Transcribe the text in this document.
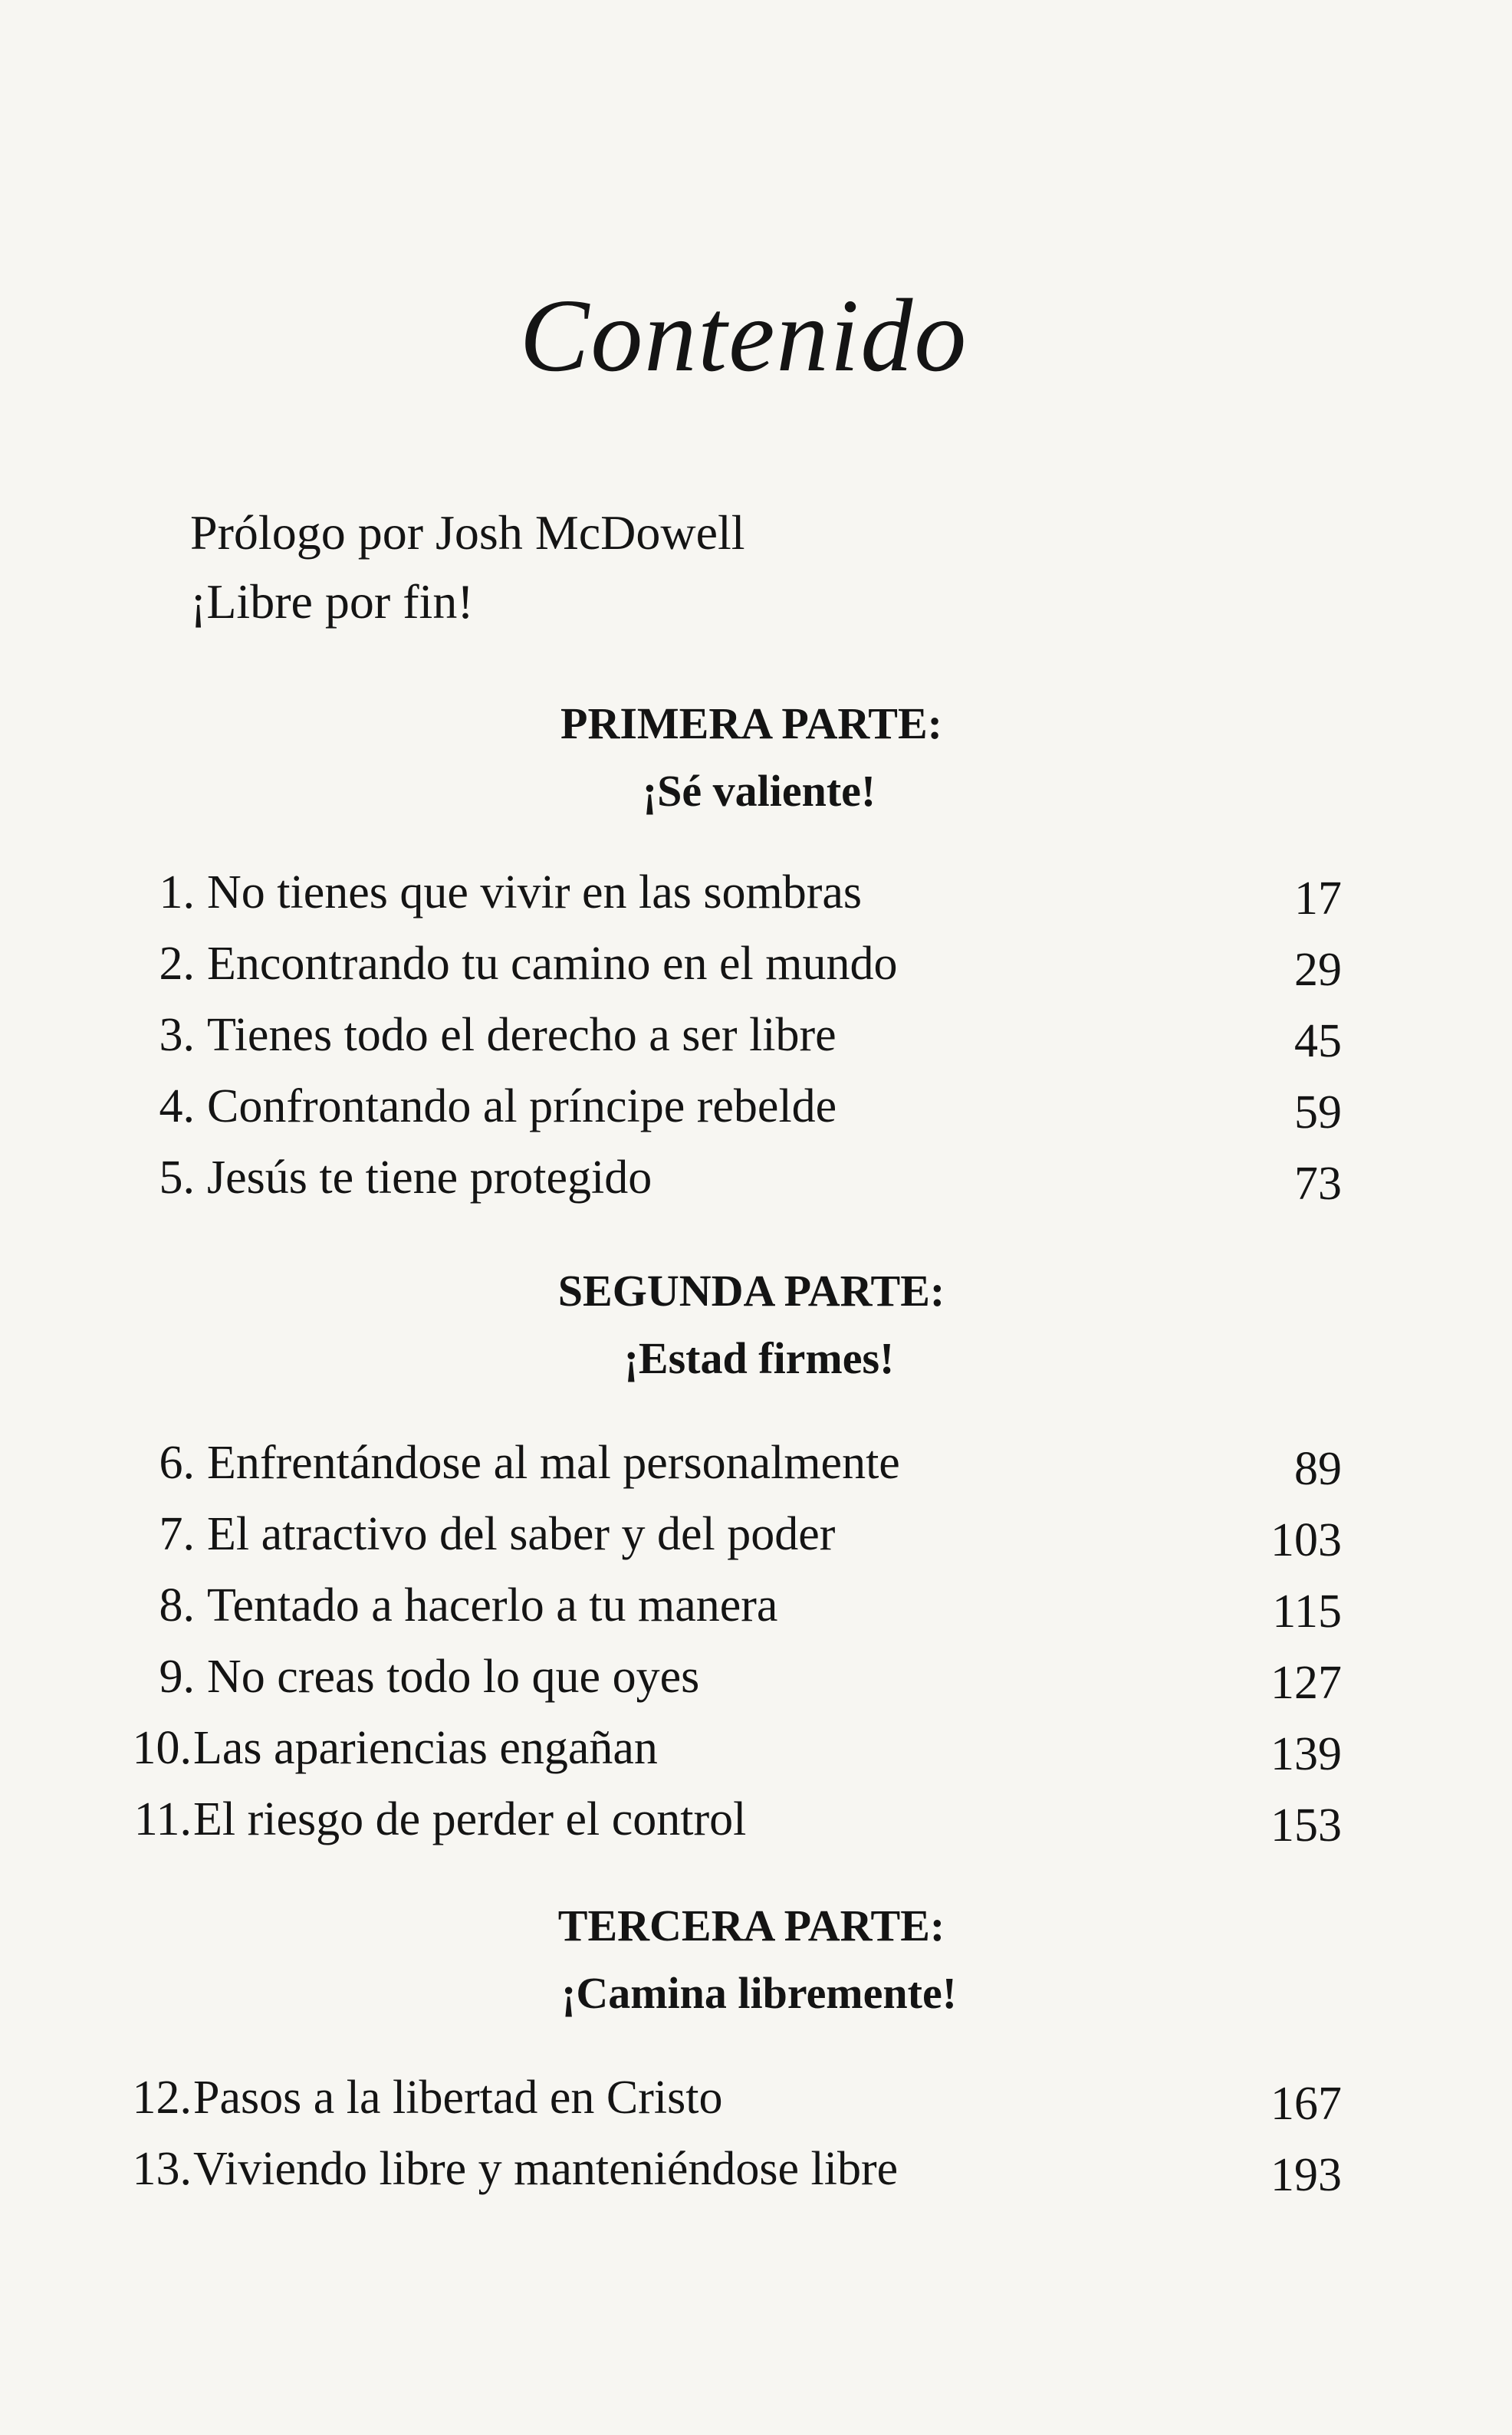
Contenido
Prólogo por Josh McDowell
¡Libre por fin!
PRIMERA PARTE:
¡Sé valiente!
1. No tienes que vivir en las sombras	17
2. Encontrando tu camino en el mundo	29
3. Tienes todo el derecho a ser libre	45
4. Confrontando al príncipe rebelde	59
5. Jesús te tiene protegido	73
SEGUNDA PARTE:
¡Estad firmes!
6. Enfrentándose al mal personalmente	89
7. El atractivo del saber y del poder	103
8. Tentado a hacerlo a tu manera	115
9. No creas todo lo que oyes	127
10. Las apariencias engañan	139
11. El riesgo de perder el control	153
TERCERA PARTE:
¡Camina libremente!
12. Pasos a la libertad en Cristo	167
13. Viviendo libre y manteniéndose libre	193
